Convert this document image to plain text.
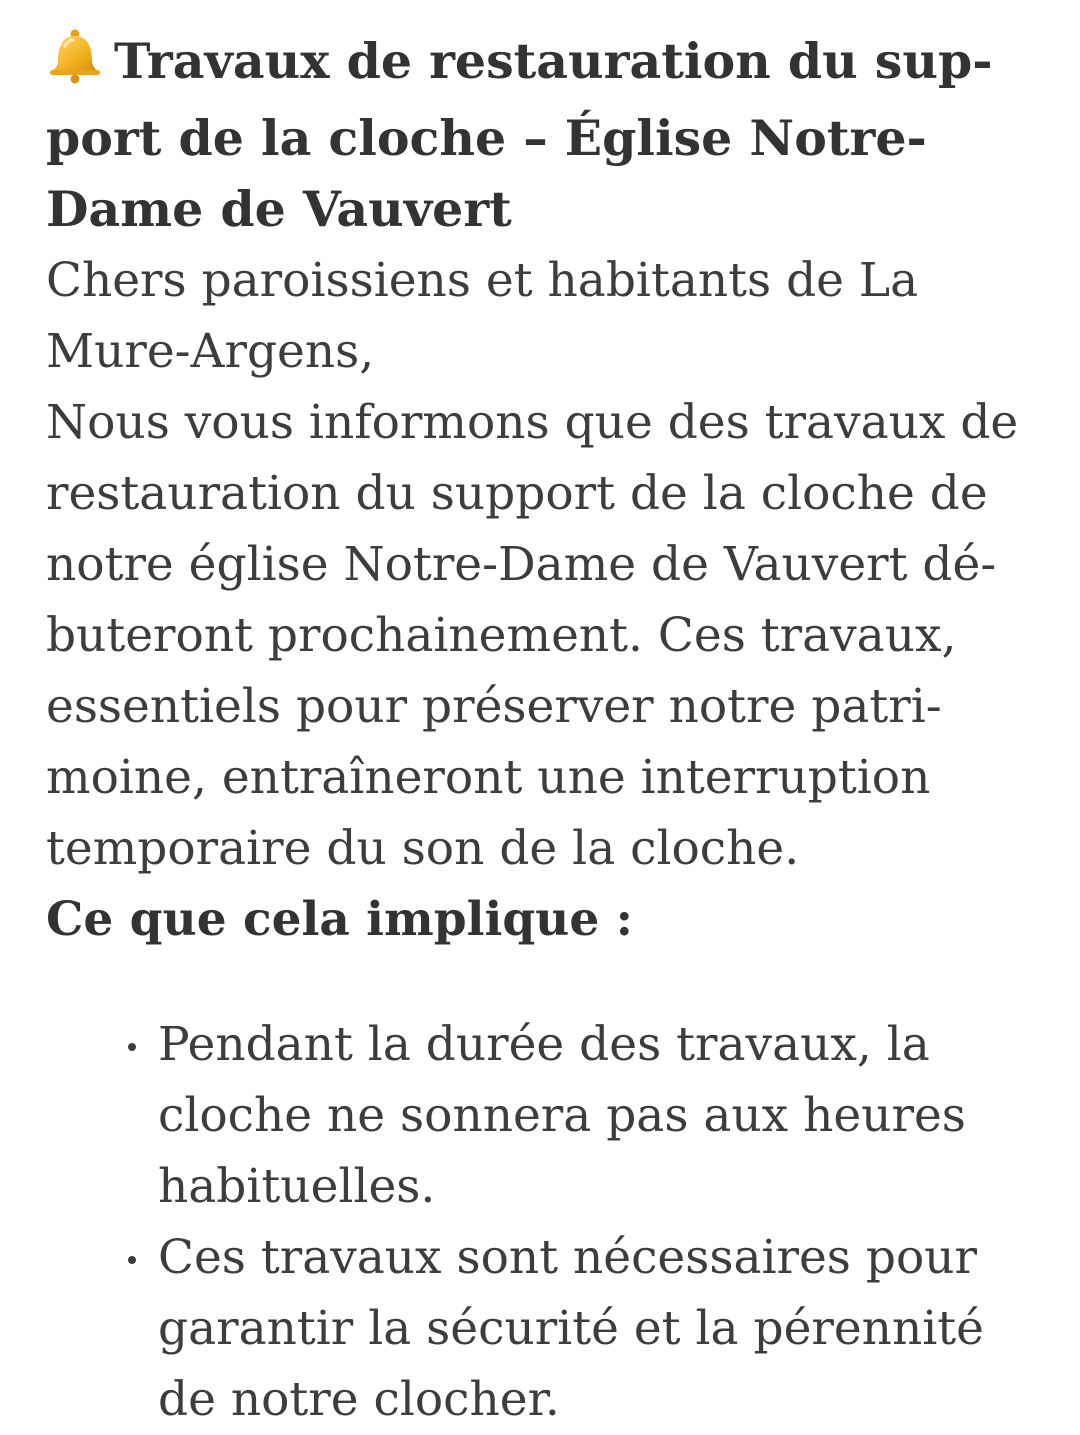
Travaux de restauration du sup-port de la cloche – Église Notre-Dame de Vauvert

Chers paroissiens et habitants de La Mure-Argens,

Nous vous informons que des travaux de restauration du support de la cloche de notre église Notre-Dame de Vauvert dé-buteront prochainement. Ces travaux, essentiels pour préserver notre patri-moine, entraîneront une interruption temporaire du son de la cloche.

Ce que cela implique :

Pendant la durée des travaux, la cloche ne sonnera pas aux heures habituelles.
Ces travaux sont nécessaires pour garantir la sécurité et la pérennité de notre clocher.
